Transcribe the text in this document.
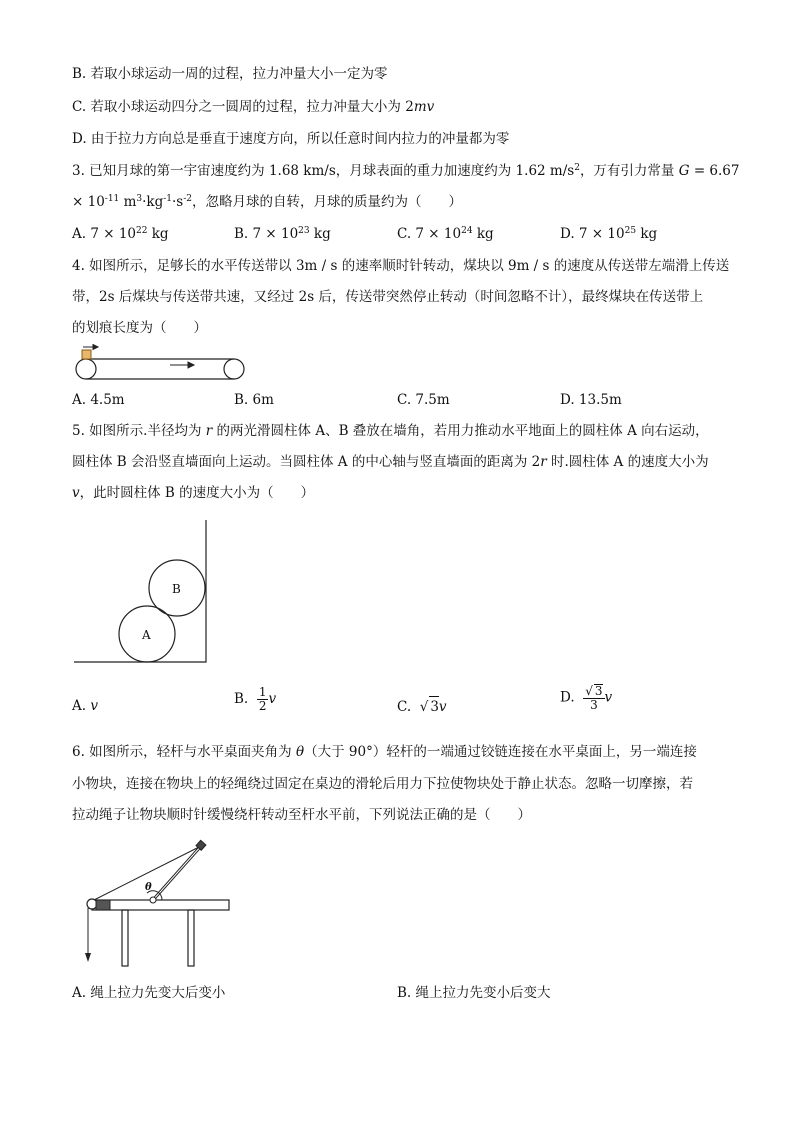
B. 若取小球运动一周的过程，拉力冲量大小一定为零
C. 若取小球运动四分之一圆周的过程，拉力冲量大小为 2mv
D. 由于拉力方向总是垂直于速度方向，所以任意时间内拉力的冲量都为零
3. 已知月球的第一宇宙速度约为 1.68 km/s，月球表面的重力加速度约为 1.62 $m/s^2$，万有引力常量 G = 6.67
× $10^{-11}$ $m^3\cdot kg^{-1}\cdot s^{-2}$，忽略月球的自转，月球的质量约为（　　）
A. $7 \times 10^{22}$ kg	B. $7 \times 10^{23}$ kg	C. $7 \times 10^{24}$ kg	D. $7 \times 10^{25}$ kg
4. 如图所示，足够长的水平传送带以 3m / s 的速率顺时针转动，煤块以 9m / s 的速度从传送带左端滑上传送
带，2s 后煤块与传送带共速，又经过 2s 后，传送带突然停止转动（时间忽略不计），最终煤块在传送带上
的划痕长度为（　　）
A. 4.5m	B. 6m	C. 7.5m	D. 13.5m
5. 如图所示.半径均为 r 的两光滑圆柱体 A、B 叠放在墙角，若用力推动水平地面上的圆柱体 A 向右运动，
圆柱体 B 会沿竖直墙面向上运动。当圆柱体 A 的中心轴与竖直墙面的距离为 2r 时.圆柱体 A 的速度大小为
v，此时圆柱体 B 的速度大小为（　　）
A
B
A. v	B. $\frac{1}{2}$ v	C.  √ 3v
D. $\frac{√ 3}{3}$ v
6. 如图所示，轻杆与水平桌面夹角为 θ（大于 90°）轻杆的一端通过铰链连接在水平桌面上，另一端连接
小物块，连接在物块上的轻绳绕过固定在桌边的滑轮后用力下拉使物块处于静止状态。忽略一切摩擦，若
拉动绳子让物块顺时针缓慢绕杆转动至杆水平前，下列说法正确的是（　　）
θ
A. 绳上拉力先变大后变小	B. 绳上拉力先变小后变大
